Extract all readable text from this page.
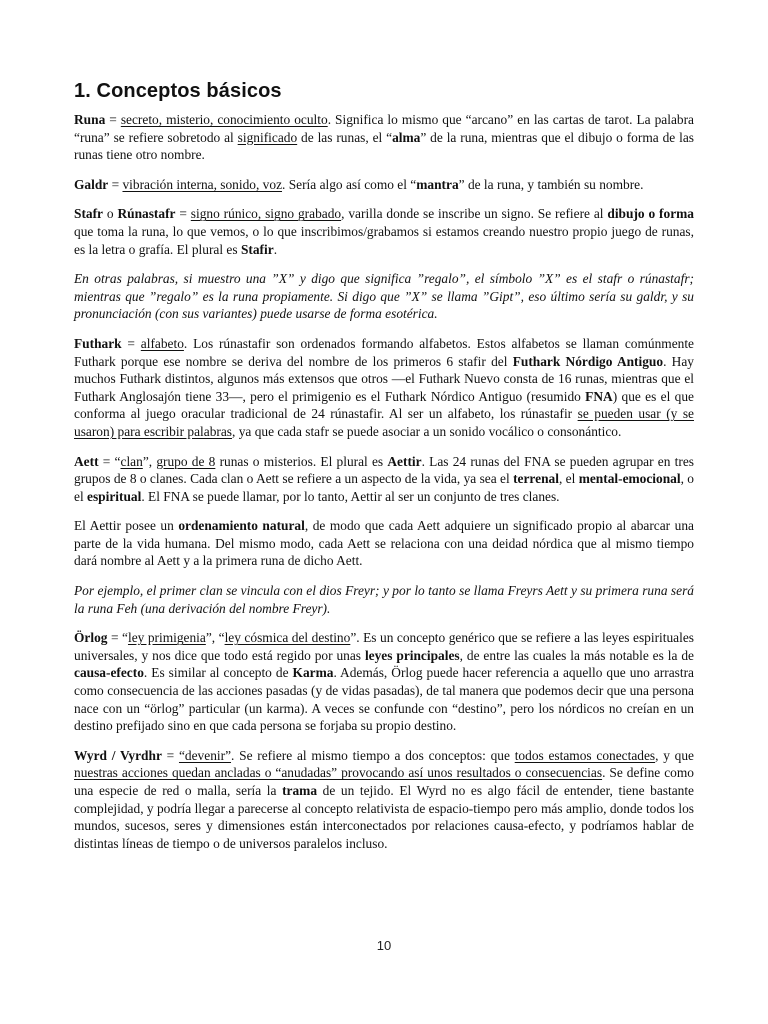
1. Conceptos básicos

Runa = secreto, misterio, conocimiento oculto. Significa lo mismo que “arcano” en las cartas de tarot. La palabra “runa” se refiere sobretodo al significado de las runas, el “alma” de la runa, mientras que el dibujo o forma de las runas tiene otro nombre.

Galdr = vibración interna, sonido, voz. Sería algo así como el “mantra” de la runa, y también su nombre.

Stafr o Rúnastafr = signo rúnico, signo grabado, varilla donde se inscribe un signo. Se refiere al dibujo o forma que toma la runa, lo que vemos, o lo que inscribimos/grabamos si estamos creando nuestro propio juego de runas, es la letra o grafía. El plural es Stafir.

En otras palabras, si muestro una ”X” y digo que significa ”regalo”, el símbolo ”X” es el stafr o rúnastafr; mientras que ”regalo” es la runa propiamente. Si digo que ”X” se llama ”Gipt”, eso último sería su galdr, y su pronunciación (con sus variantes) puede usarse de forma esotérica.

Futhark = alfabeto. Los rúnastafir son ordenados formando alfabetos. Estos alfabetos se llaman comúnmente Futhark porque ese nombre se deriva del nombre de los primeros 6 stafir del Futhark Nórdigo Antiguo. Hay muchos Futhark distintos, algunos más extensos que otros —el Futhark Nuevo consta de 16 runas, mientras que el Futhark Anglosajón tiene 33—, pero el primigenio es el Futhark Nórdico Antiguo (resumido FNA) que es el que conforma al juego oracular tradicional de 24 rúnastafir. Al ser un alfabeto, los rúnastafir se pueden usar (y se usaron) para escribir palabras, ya que cada stafr se puede asociar a un sonido vocálico o consonántico.

Aett = “clan”, grupo de 8 runas o misterios. El plural es Aettir. Las 24 runas del FNA se pueden agrupar en tres grupos de 8 o clanes. Cada clan o Aett se refiere a un aspecto de la vida, ya sea el terrenal, el mental-emocional, o el espiritual. El FNA se puede llamar, por lo tanto, Aettir al ser un conjunto de tres clanes.

El Aettir posee un ordenamiento natural, de modo que cada Aett adquiere un significado propio al abarcar una parte de la vida humana. Del mismo modo, cada Aett se relaciona con una deidad nórdica que al mismo tiempo dará nombre al Aett y a la primera runa de dicho Aett.

Por ejemplo, el primer clan se vincula con el dios Freyr; y por lo tanto se llama Freyrs Aett y su primera runa será la runa Feh (una derivación del nombre Freyr).

Örlog = “ley primigenia”, “ley cósmica del destino”. Es un concepto genérico que se refiere a las leyes espirituales universales, y nos dice que todo está regido por unas leyes principales, de entre las cuales la más notable es la de causa-efecto. Es similar al concepto de Karma. Además, Örlog puede hacer referencia a aquello que uno arrastra como consecuencia de las acciones pasadas (y de vidas pasadas), de tal manera que podemos decir que una persona nace con un “örlog” particular (un karma). A veces se confunde con “destino”, pero los nórdicos no creían en un destino prefijado sino en que cada persona se forjaba su propio destino.

Wyrd / Vyrdhr = “devenir”. Se refiere al mismo tiempo a dos conceptos: que todos estamos conectades, y que nuestras acciones quedan ancladas o “anudadas” provocando así unos resultados o consecuencias. Se define como una especie de red o malla, sería la trama de un tejido. El Wyrd no es algo fácil de entender, tiene bastante complejidad, y podría llegar a parecerse al concepto relativista de espacio-tiempo pero más amplio, donde todos los mundos, sucesos, seres y dimensiones están interconectados por relaciones causa-efecto, y podríamos hablar de distintas líneas de tiempo o de universos paralelos incluso.

10
